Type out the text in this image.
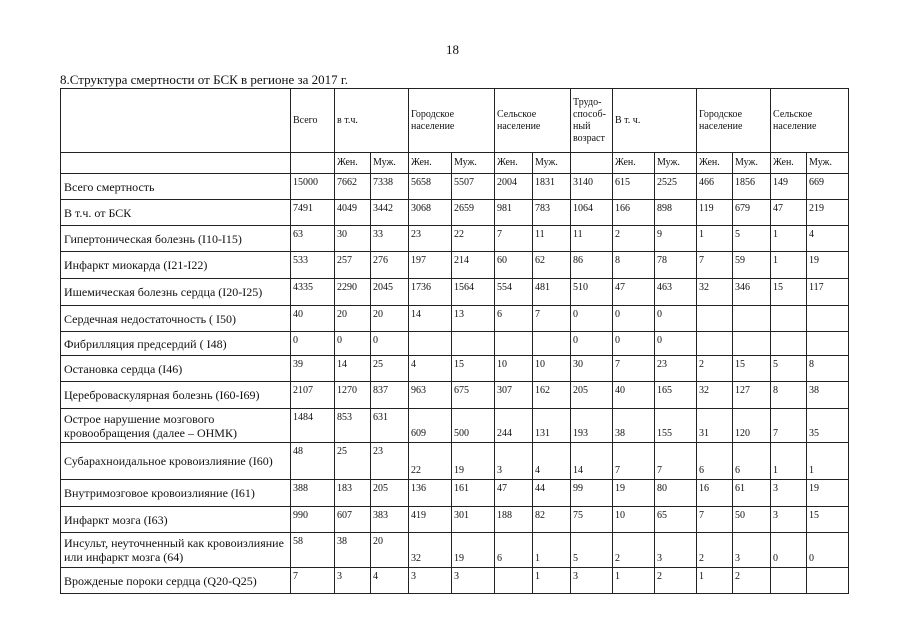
18
8.Структура смертности от БСК в регионе за 2017 г.
	Всего	в т.ч.		Городское население		Сельское население		Трудо-способ-ный возраст	В т. ч.		Городское население		Сельское население	
		Жен.	Муж.	Жен.	Муж.	Жен.	Муж.		Жен.	Муж.	Жен.	Муж.	Жен.	Муж.
Всего смертность	15000	7662	7338	5658	5507	2004	1831	3140	615	2525	466	1856	149	669
В т.ч. от БСК	7491	4049	3442	3068	2659	981	783	1064	166	898	119	679	47	219
Гипертоническая болезнь (I10-I15)	63	30	33	23	22	7	11	11	2	9	1	5	1	4
Инфаркт миокарда (I21-I22)	533	257	276	197	214	60	62	86	8	78	7	59	1	19
Ишемическая болезнь сердца (I20-I25)	4335	2290	2045	1736	1564	554	481	510	47	463	32	346	15	117
Сердечная недостаточность ( I50)	40	20	20	14	13	6	7	0	0	0				
Фибрилляция предсердий ( I48)	0	0	0					0	0	0				
Остановка сердца (I46)	39	14	25	4	15	10	10	30	7	23	2	15	5	8
Цереброваскулярная болезнь (I60-I69)	2107	1270	837	963	675	307	162	205	40	165	32	127	8	38
Острое нарушение мозгового кровообращения (далее – ОНМК)	1484	853	631	609	500	244	131	193	38	155	31	120	7	35
Субарахноидальное кровоизлияние (I60)	48	25	23	22	19	3	4	14	7	7	6	6	1	1
Внутримозговое кровоизлияние (I61)	388	183	205	136	161	47	44	99	19	80	16	61	3	19
Инфаркт мозга (I63)	990	607	383	419	301	188	82	75	10	65	7	50	3	15
Инсульт, неуточненный как кровоизлияние или инфаркт мозга (64)	58	38	20	32	19	6	1	5	2	3	2	3	0	0
Врожденые пороки сердца (Q20-Q25)	7	3	4	3	3		1	3	1	2	1	2		
